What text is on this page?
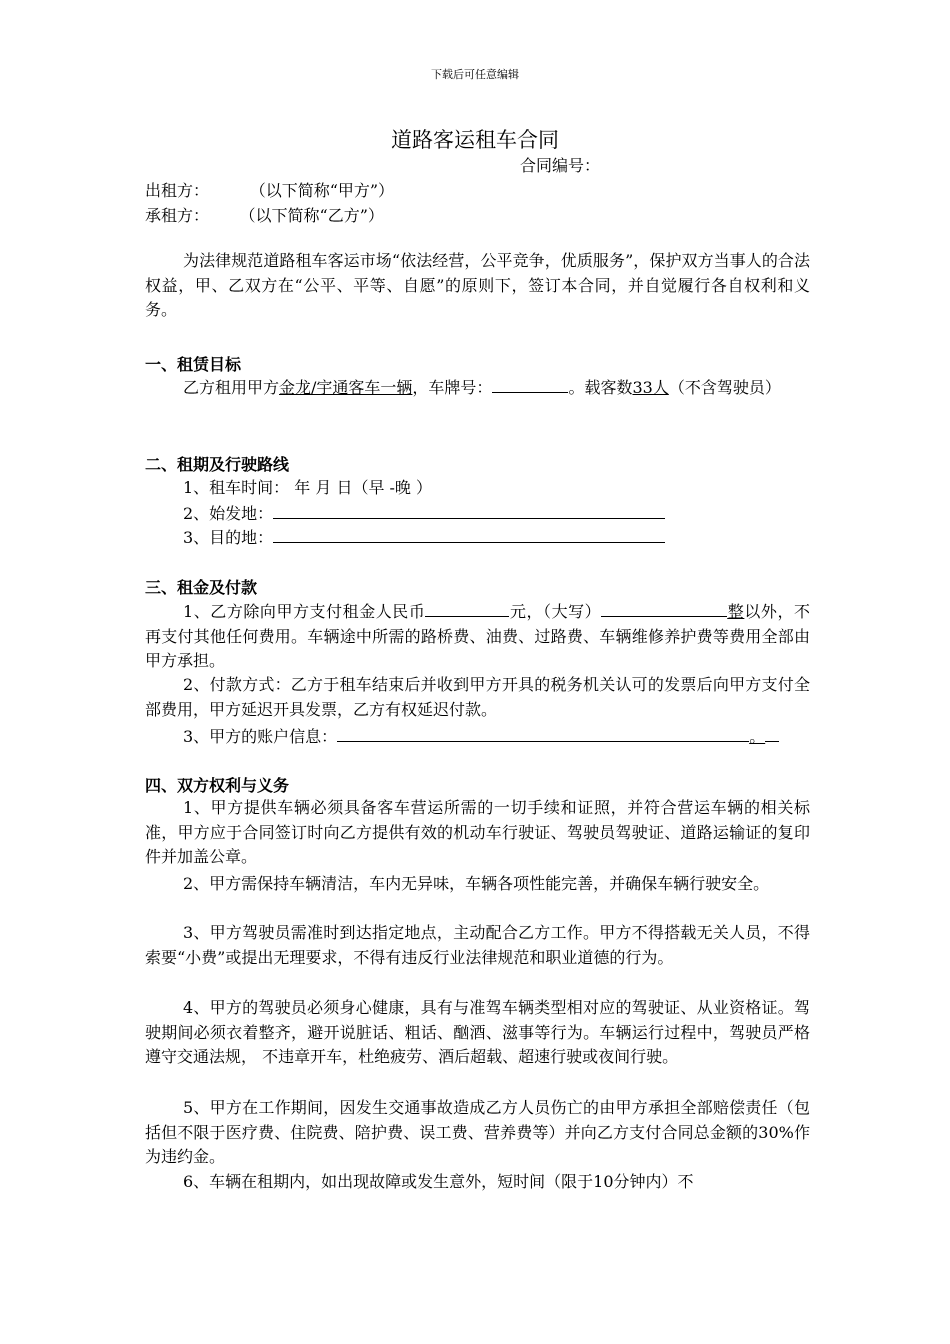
下载后可任意编辑
道路客运租车合同
合同编号：
出租方：        （以下简称“甲方”）
承租方：      （以下简称“乙方”）
为法律规范道路租车客运市场“依法经营，公平竞争，优质服务”，保护双方当事人的合法权益，甲、乙双方在“公平、平等、自愿”的原则下，签订本合同，并自觉履行各自权利和义务。
一、租赁目标
乙方租用甲方金龙/宇通客车一辆，车牌号：	。载客数33人（不含驾驶员）
二、租期及行驶路线
1、租车时间： 年 月 日（早 -晚 ）
2、始发地：
3、目的地：
三、租金及付款
1、乙方除向甲方支付租金人民币	元，（大写）	整以外，不再支付其他任何费用。车辆途中所需的路桥费、油费、过路费、车辆维修养护费等费用全部由甲方承担。
2、付款方式：乙方于租车结束后并收到甲方开具的税务机关认可的发票后向甲方支付全部费用，甲方延迟开具发票，乙方有权延迟付款。
3、甲方的账户信息：	。
四、双方权利与义务
1、甲方提供车辆必须具备客车营运所需的一切手续和证照，并符合营运车辆的相关标准，甲方应于合同签订时向乙方提供有效的机动车行驶证、驾驶员驾驶证、道路运输证的复印件并加盖公章。
2、甲方需保持车辆清洁，车内无异味，车辆各项性能完善，并确保车辆行驶安全。
3、甲方驾驶员需准时到达指定地点，主动配合乙方工作。甲方不得搭载无关人员，不得索要“小费”或提出无理要求，不得有违反行业法律规范和职业道德的行为。
4、甲方的驾驶员必须身心健康，具有与准驾车辆类型相对应的驾驶证、从业资格证。驾驶期间必须衣着整齐，避开说脏话、粗话、酗酒、滋事等行为。车辆运行过程中，驾驶员严格遵守交通法规， 不违章开车，杜绝疲劳、酒后超载、超速行驶或夜间行驶。
5、甲方在工作期间，因发生交通事故造成乙方人员伤亡的由甲方承担全部赔偿责任（包括但不限于医疗费、住院费、陪护费、误工费、营养费等）并向乙方支付合同总金额的30%作为违约金。
6、车辆在租期内，如出现故障或发生意外，短时间（限于10分钟内）不
